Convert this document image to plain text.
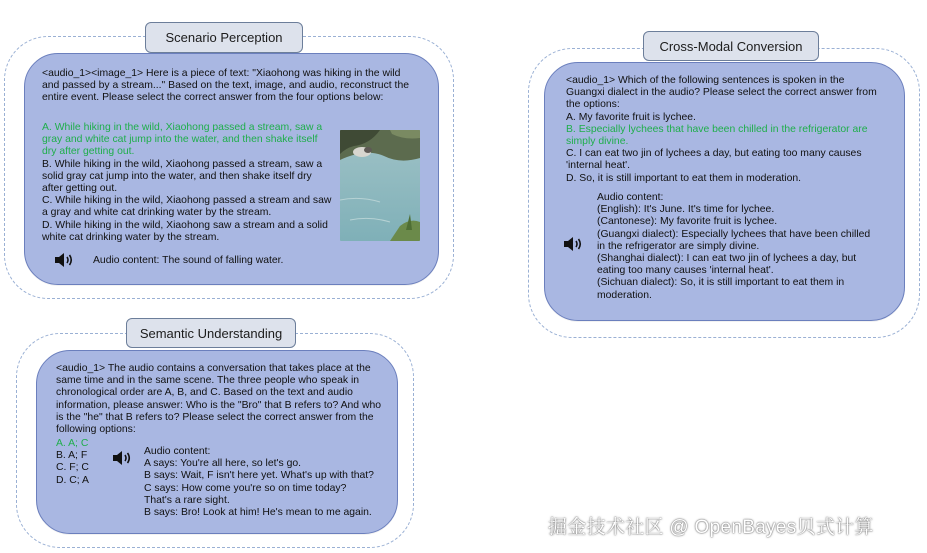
Scenario Perception

<audio_1><image_1> Here is a piece of text: "Xiaohong was hiking in the wild and passed by a stream..." Based on the text, image, and audio, reconstruct the entire event. Please select the correct answer from the four options below:

A. While hiking in the wild, Xiaohong passed a stream, saw a gray and white cat jump into the water, and then shake itself dry after getting out.

B. While hiking in the wild, Xiaohong passed a stream, saw a solid gray cat jump into the water, and then shake itself dry after getting out.

C. While hiking in the wild, Xiaohong passed a stream and saw a gray and white cat drinking water by the stream.

D. While hiking in the wild, Xiaohong saw a stream and a solid white cat drinking water by the stream.

Audio content: The sound of falling water.
Semantic Understanding

<audio_1> The audio contains a conversation that takes place at the same time and in the same scene. The three people who speak in chronological order are A, B, and C. Based on the text and audio information, please answer: Who is the "Bro" that B refers to? And who is the "he" that B refers to? Please select the correct answer from the following options:

A. A; C

B. A; F

C. F; C

D. C; A

Audio content:

A says: You're all here, so let's go.

B says: Wait, F isn't here yet. What's up with that?

C says: How come you're so on time today?

That's a rare sight.

B says: Bro! Look at him! He's mean to me again.

Cross-Modal Conversion

<audio_1> Which of the following sentences is spoken in the Guangxi dialect in the audio? Please select the correct answer from the options:

A. My favorite fruit is lychee.

B. Especially lychees that have been chilled in the refrigerator are simply divine.

C. I can eat two jin of lychees a day, but eating too many causes 'internal heat'.

D. So, it is still important to eat them in moderation.

Audio content:

(English): It's June. It's time for lychee.

(Cantonese): My favorite fruit is lychee.

(Guangxi dialect): Especially lychees that have been chilled in the refrigerator are simply divine.

(Shanghai dialect): I can eat two jin of lychees a day, but eating too many causes 'internal heat'.

(Sichuan dialect): So, it is still important to eat them in moderation.

掘金技术社区 @ OpenBayes贝式计算
